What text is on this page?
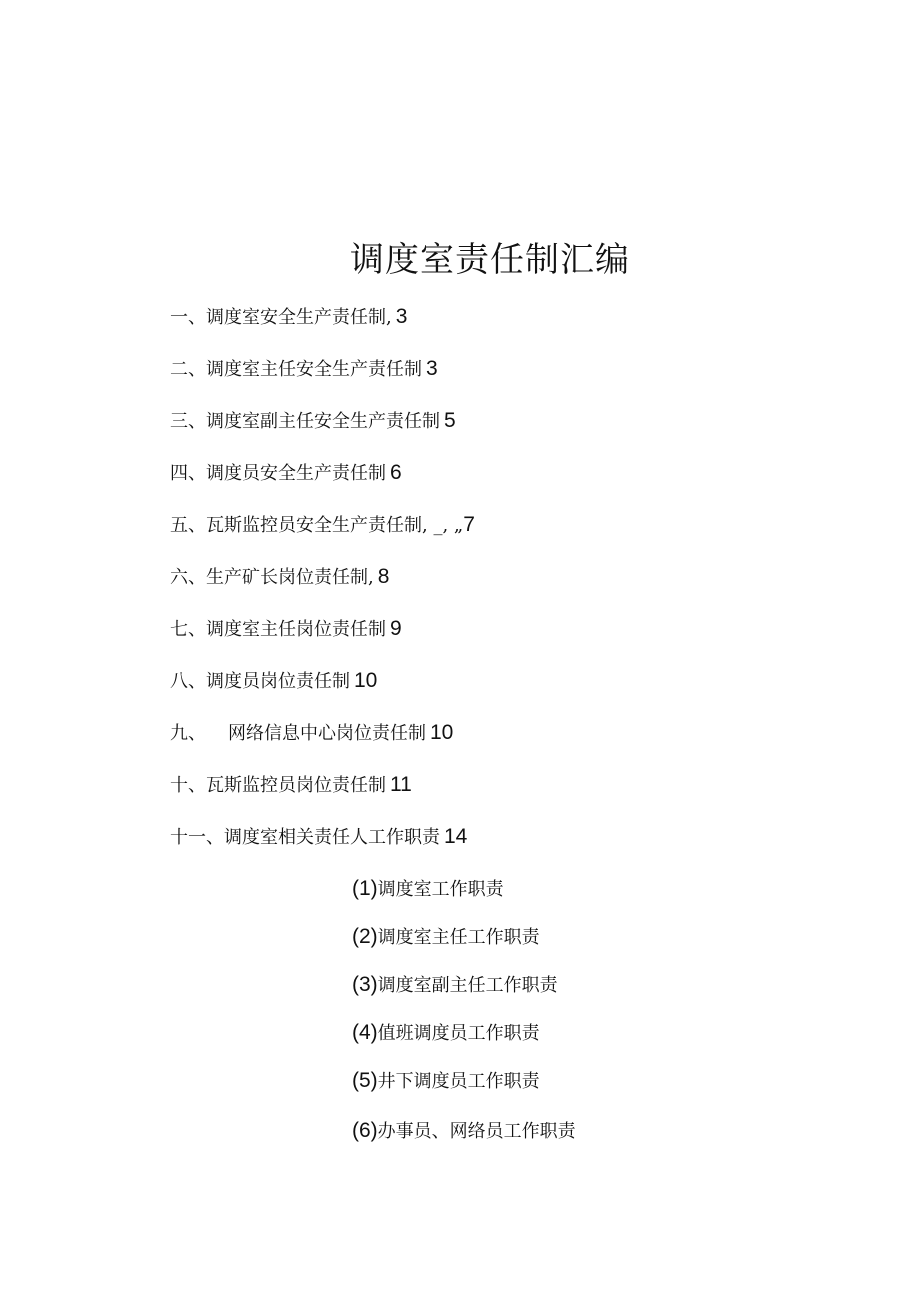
调度室责任制汇编
一、调度室安全生产责任制, 3
二、调度室主任安全生产责任制 3
三、调度室副主任安全生产责任制 5
四、调度员安全生产责任制 6
五、瓦斯监控员安全生产责任制, _, „7
六、生产矿长岗位责任制, 8
七、调度室主任岗位责任制 9
八、调度员岗位责任制 10
九、 网络信息中心岗位责任制 10
十、瓦斯监控员岗位责任制 11
十一、调度室相关责任人工作职责 14
(1)调度室工作职责
(2)调度室主任工作职责
(3)调度室副主任工作职责
(4)值班调度员工作职责
(5)井下调度员工作职责
(6)办事员、网络员工作职责
